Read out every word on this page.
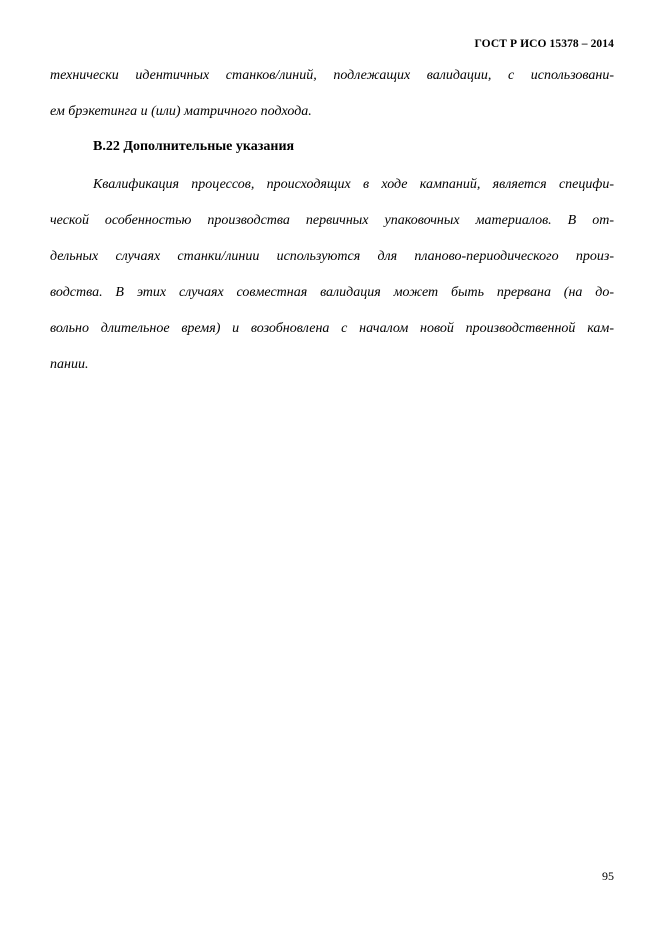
ГОСТ Р ИСО 15378 – 2014
технически идентичных станков/линий, подлежащих валидации, с использовани-
ем брэкетинга и (или) матричного подхода.
В.22 Дополнительные указания
Квалификация процессов, происходящих в ходе кампаний, является специфи-
ческой особенностью производства первичных упаковочных материалов. В от-
дельных случаях станки/линии используются для планово-периодического произ-
водства. В этих случаях совместная валидация может быть прервана (на до-
вольно длительное время) и возобновлена с началом новой производственной кам-
пании.
95
